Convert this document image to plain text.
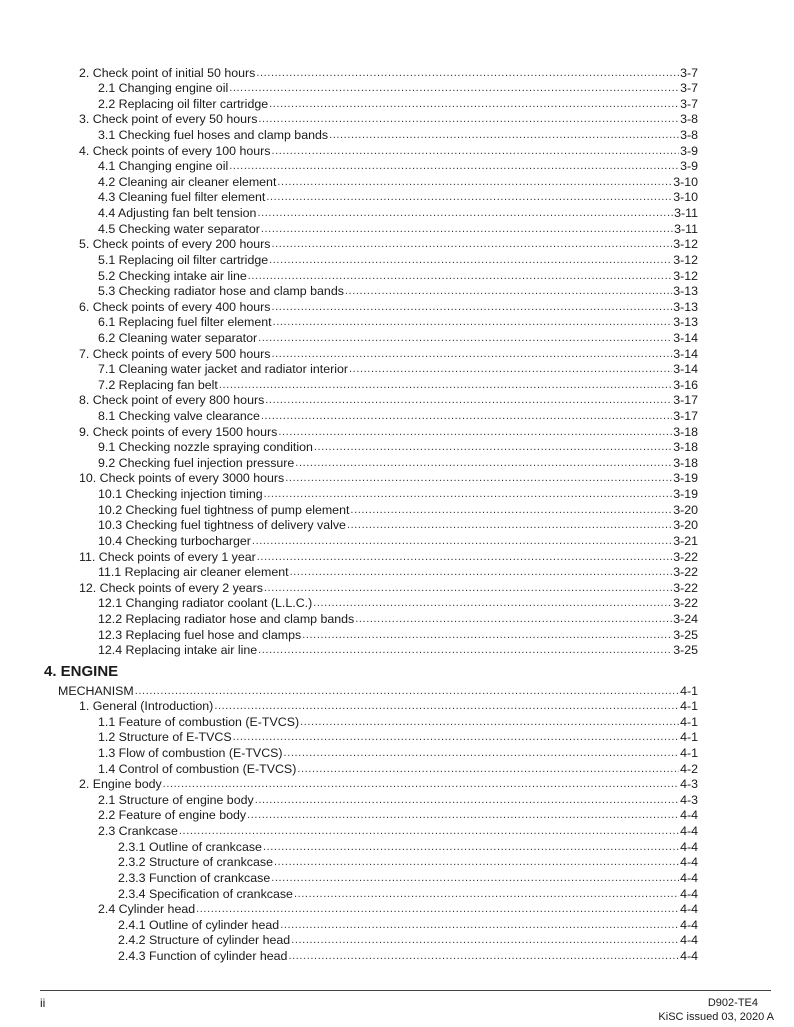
2. Check point of initial 50 hours .....	3-7
2.1 Changing engine oil .....	3-7
2.2 Replacing oil filter cartridge .....	3-7
3. Check point of every 50 hours .....	3-8
3.1 Checking fuel hoses and clamp bands .....	3-8
4. Check points of every 100 hours .....	3-9
4.1 Changing engine oil .....	3-9
4.2 Cleaning air cleaner element .....	3-10
4.3 Cleaning fuel filter element .....	3-10
4.4 Adjusting fan belt tension .....	3-11
4.5 Checking water separator .....	3-11
5. Check points of every 200 hours .....	3-12
5.1 Replacing oil filter cartridge .....	3-12
5.2 Checking intake air line .....	3-12
5.3 Checking radiator hose and clamp bands .....	3-13
6. Check points of every 400 hours .....	3-13
6.1 Replacing fuel filter element .....	3-13
6.2 Cleaning water separator .....	3-14
7. Check points of every 500 hours .....	3-14
7.1 Cleaning water jacket and radiator interior .....	3-14
7.2 Replacing fan belt .....	3-16
8. Check point of every 800 hours .....	3-17
8.1 Checking valve clearance .....	3-17
9. Check points of every 1500 hours .....	3-18
9.1 Checking nozzle spraying condition .....	3-18
9.2 Checking fuel injection pressure .....	3-18
10. Check points of every 3000 hours .....	3-19
10.1 Checking injection timing .....	3-19
10.2 Checking fuel tightness of pump element .....	3-20
10.3 Checking fuel tightness of delivery valve .....	3-20
10.4 Checking turbocharger .....	3-21
11. Check points of every 1 year .....	3-22
11.1 Replacing air cleaner element .....	3-22
12. Check points of every 2 years .....	3-22
12.1 Changing radiator coolant (L.L.C.) .....	3-22
12.2 Replacing radiator hose and clamp bands .....	3-24
12.3 Replacing fuel hose and clamps .....	3-25
12.4 Replacing intake air line .....	3-25
4. ENGINE
MECHANISM .....	4-1
1. General (Introduction) .....	4-1
1.1 Feature of combustion (E-TVCS) .....	4-1
1.2 Structure of E-TVCS .....	4-1
1.3 Flow of combustion (E-TVCS) .....	4-1
1.4 Control of combustion (E-TVCS) .....	4-2
2. Engine body .....	4-3
2.1 Structure of engine body .....	4-3
2.2 Feature of engine body .....	4-4
2.3 Crankcase .....	4-4
2.3.1 Outline of crankcase .....	4-4
2.3.2 Structure of crankcase .....	4-4
2.3.3 Function of crankcase .....	4-4
2.3.4 Specification of crankcase .....	4-4
2.4 Cylinder head .....	4-4
2.4.1 Outline of cylinder head .....	4-4
2.4.2 Structure of cylinder head .....	4-4
2.4.3 Function of cylinder head .....	4-4
ii	D902-TE4
KiSC issued 03, 2020 A
